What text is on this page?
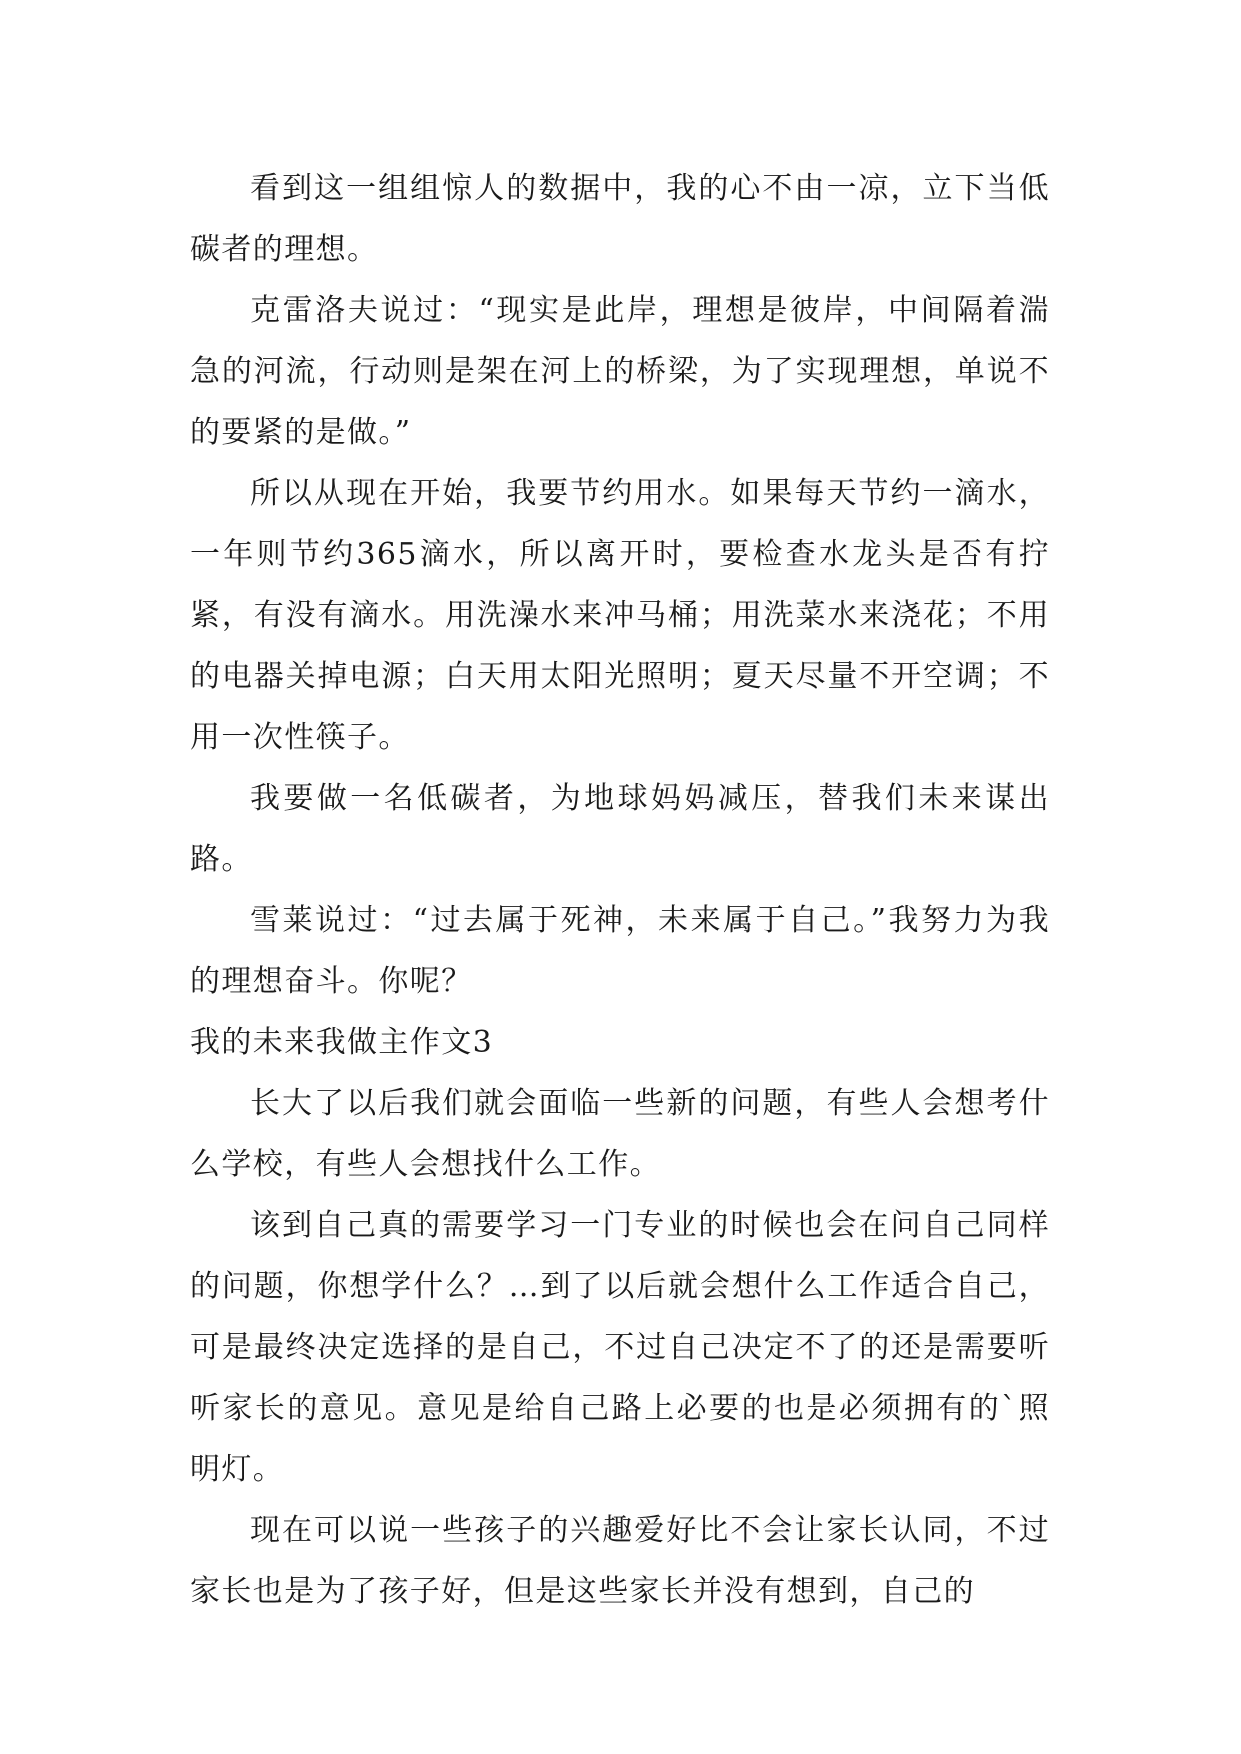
看到这一组组惊人的数据中，我的心不由一凉，立下当低碳者的理想。

克雷洛夫说过：“现实是此岸，理想是彼岸，中间隔着湍急的河流，行动则是架在河上的桥梁，为了实现理想，单说不的要紧的是做。”

所以从现在开始，我要节约用水。如果每天节约一滴水，一年则节约365滴水，所以离开时，要检查水龙头是否有拧紧，有没有滴水。用洗澡水来冲马桶；用洗菜水来浇花；不用的电器关掉电源；白天用太阳光照明；夏天尽量不开空调；不用一次性筷子。

我要做一名低碳者，为地球妈妈减压，替我们未来谋出路。

雪莱说过：“过去属于死神，未来属于自己。”我努力为我的理想奋斗。你呢？

我的未来我做主作文3

长大了以后我们就会面临一些新的问题，有些人会想考什么学校，有些人会想找什么工作。

该到自己真的需要学习一门专业的时候也会在问自己同样的问题，你想学什么？…到了以后就会想什么工作适合自己，可是最终决定选择的是自己，不过自己决定不了的还是需要听听家长的意见。意见是给自己路上必要的也是必须拥有的`照明灯。

现在可以说一些孩子的兴趣爱好比不会让家长认同，不过家长也是为了孩子好，但是这些家长并没有想到，自己的
